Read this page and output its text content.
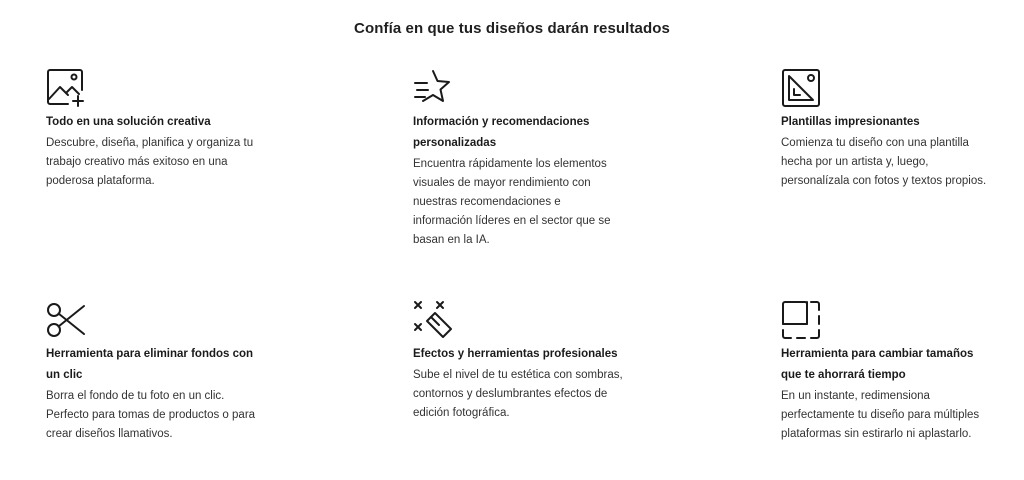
Confía en que tus diseños darán resultados
Todo en una solución creativa
Descubre, diseña, planifica y organiza tu trabajo creativo más exitoso en una poderosa plataforma.
Información y recomendaciones personalizadas
Encuentra rápidamente los elementos visuales de mayor rendimiento con nuestras recomendaciones e información líderes en el sector que se basan en la IA.
Plantillas impresionantes
Comienza tu diseño con una plantilla hecha por un artista y, luego, personalízala con fotos y textos propios.
Herramienta para eliminar fondos con un clic
Borra el fondo de tu foto en un clic. Perfecto para tomas de productos o para crear diseños llamativos.
Efectos y herramientas profesionales
Sube el nivel de tu estética con sombras, contornos y deslumbrantes efectos de edición fotográfica.
Herramienta para cambiar tamaños que te ahorrará tiempo
En un instante, redimensiona perfectamente tu diseño para múltiples plataformas sin estirarlo ni aplastarlo.
